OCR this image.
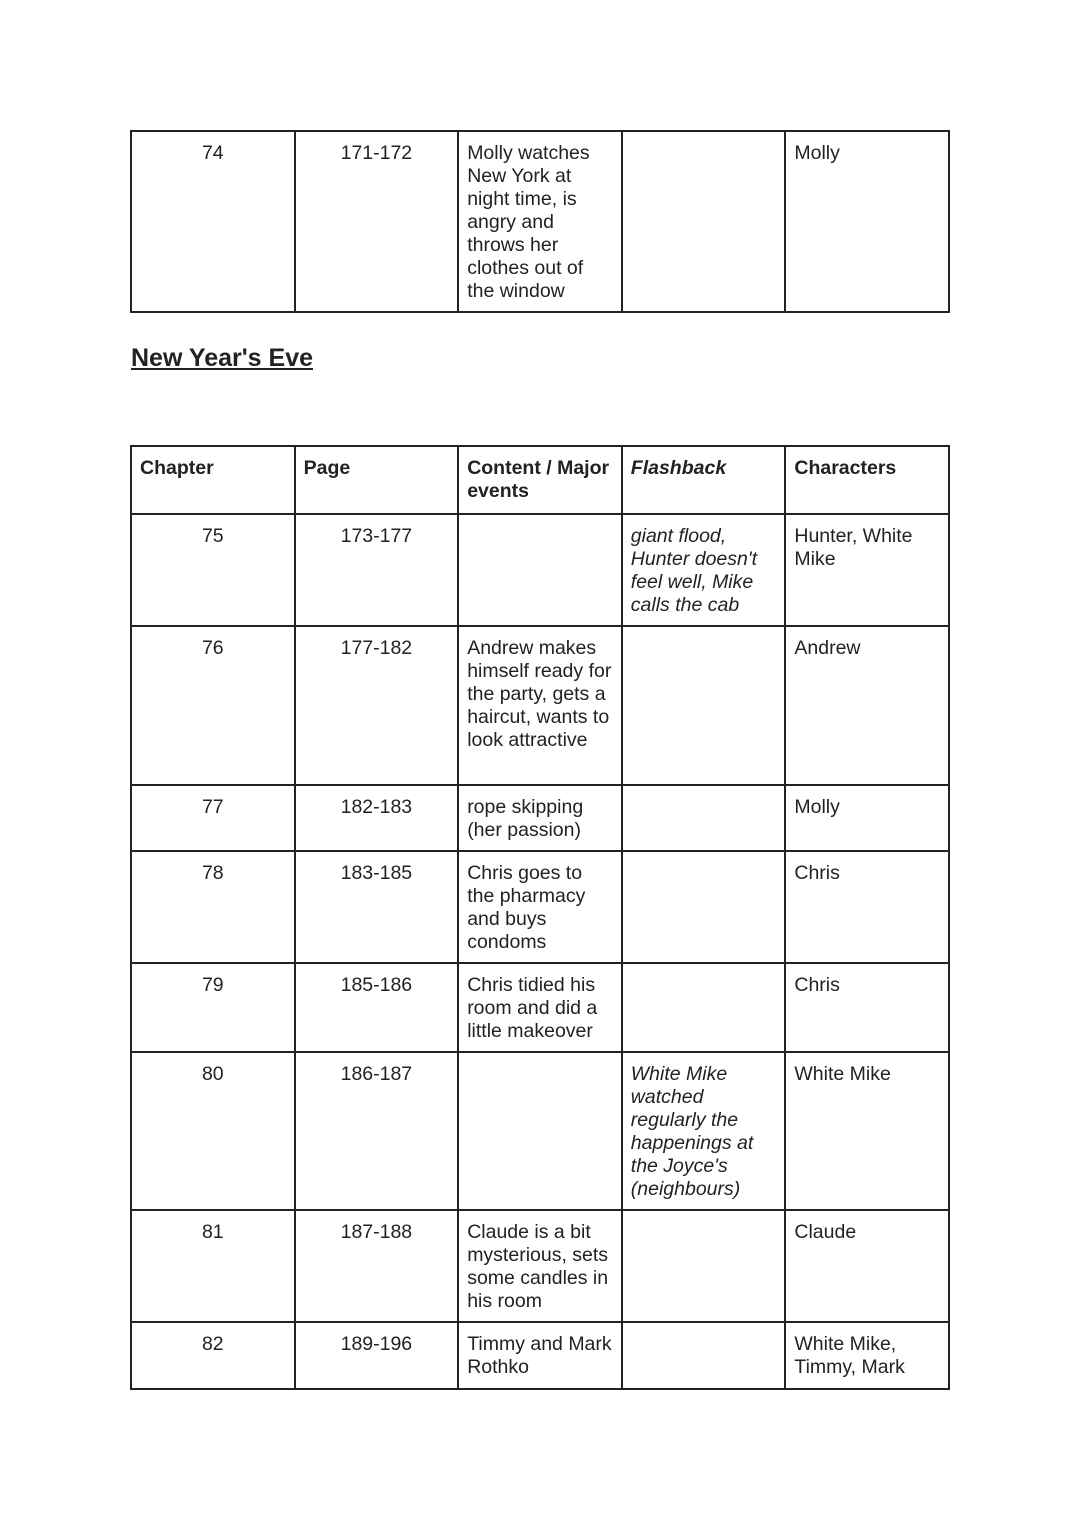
74	171-172	Molly watches New York at night time, is angry and throws her clothes out of the window		Molly
New Year's Eve
Chapter	Page	Content / Major events	Flashback	Characters
75	173-177		giant flood, Hunter doesn't feel well, Mike calls the cab	Hunter, White Mike
76	177-182	Andrew makes himself ready for the party, gets a haircut, wants to look attractive		Andrew
77	182-183	rope skipping (her passion)		Molly
78	183-185	Chris goes to the pharmacy and buys condoms		Chris
79	185-186	Chris tidied his room and did a little makeover		Chris
80	186-187		White Mike watched regularly the happenings at the Joyce's (neighbours)	White Mike
81	187-188	Claude is a bit mysterious, sets some candles in his room		Claude
82	189-196	Timmy and Mark Rothko		White Mike, Timmy, Mark
